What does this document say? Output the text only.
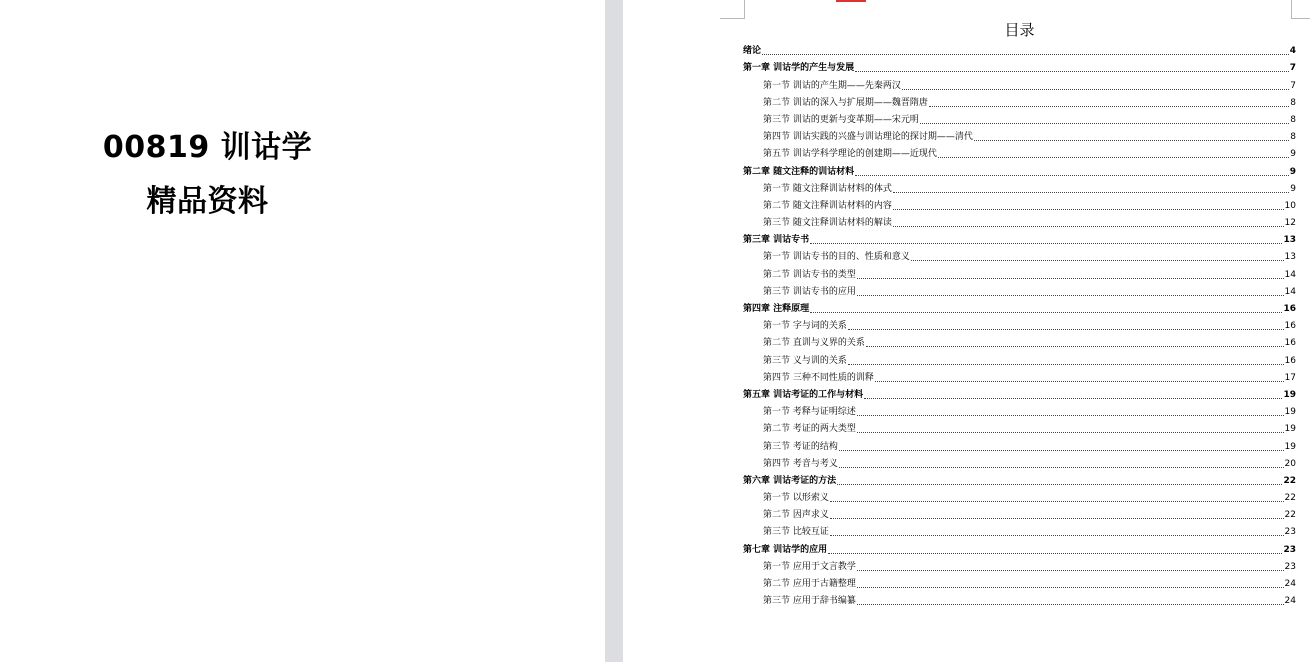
00819 训诂学
精品资料
目录
绪论	4
第一章 训诂学的产生与发展	7
第一节 训诂的产生期——先秦两汉	7
第二节 训诂的深入与扩展期——魏晋隋唐	8
第三节 训诂的更新与变革期——宋元明	8
第四节 训诂实践的兴盛与训诂理论的探讨期——清代	8
第五节 训诂学科学理论的创建期——近现代	9
第二章 随文注释的训诂材料	9
第一节 随文注释训诂材料的体式	9
第二节 随文注释训诂材料的内容	10
第三节 随文注释训诂材料的解读	12
第三章 训诂专书	13
第一节 训诂专书的目的、性质和意义	13
第二节 训诂专书的类型	14
第三节 训诂专书的应用	14
第四章 注释原理	16
第一节 字与词的关系	16
第二节 直训与义界的关系	16
第三节 义与训的关系	16
第四节 三种不同性质的训释	17
第五章 训诂考证的工作与材料	19
第一节 考释与证明综述	19
第二节 考证的两大类型	19
第三节 考证的结构	19
第四节 考音与考义	20
第六章 训诂考证的方法	22
第一节 以形索义	22
第二节 因声求义	22
第三节 比较互证	23
第七章 训诂学的应用	23
第一节 应用于文言教学	23
第二节 应用于古籍整理	24
第三节 应用于辞书编纂	24
